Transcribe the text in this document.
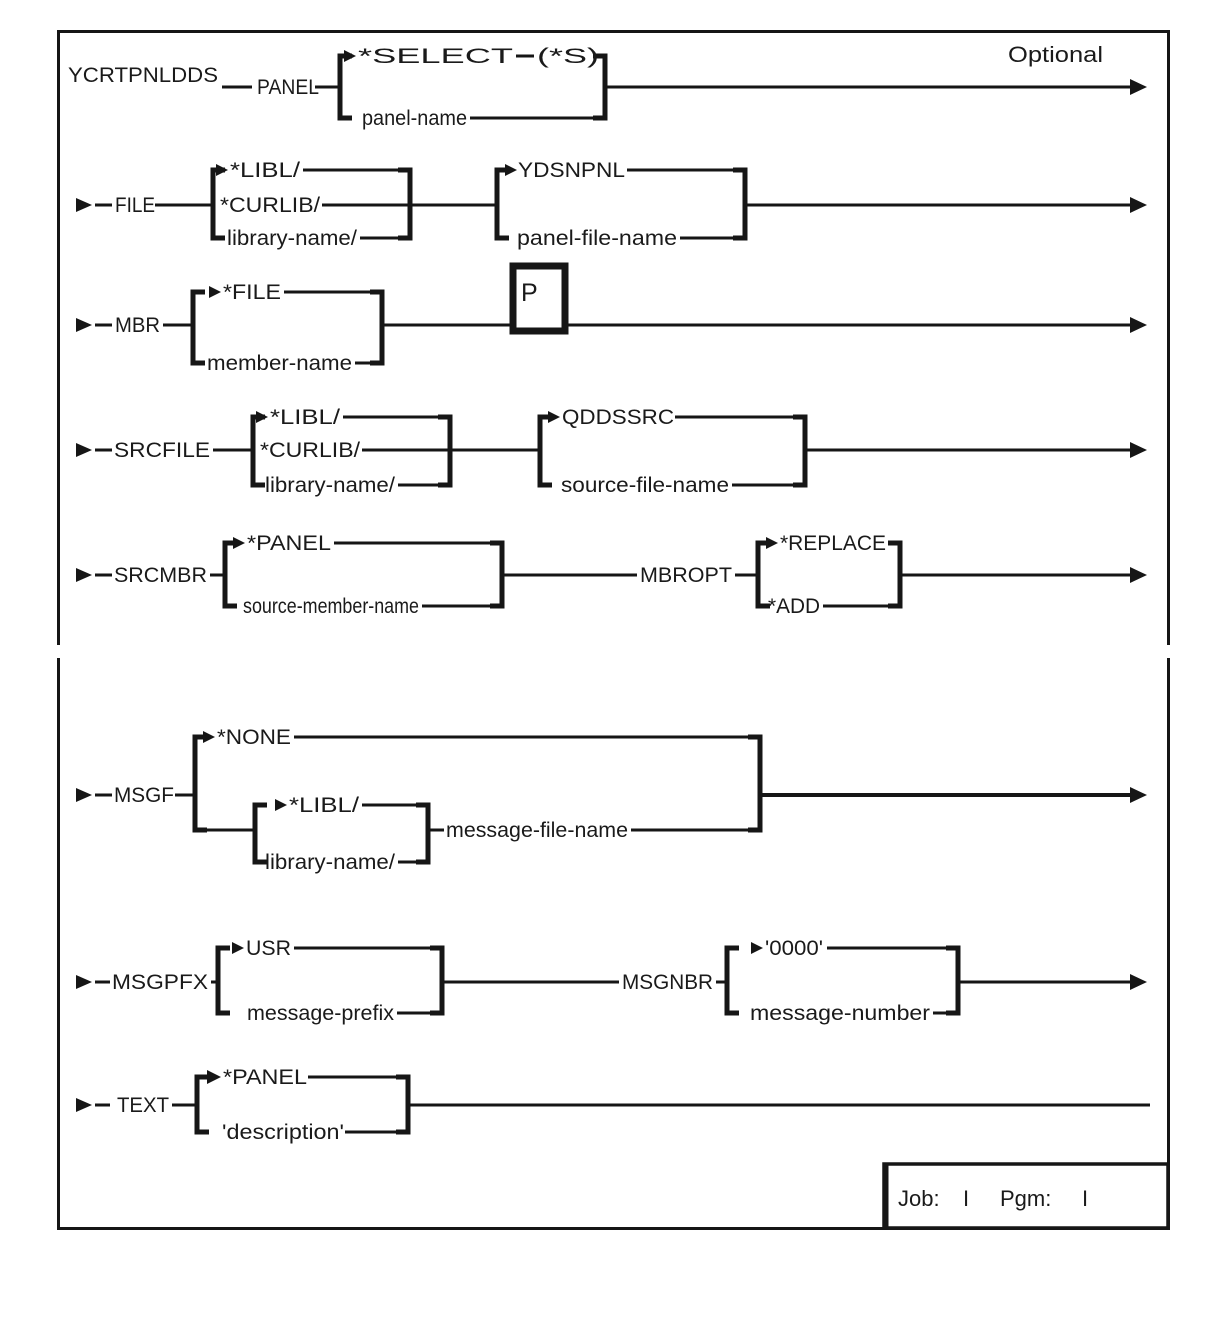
YCRTPNLDDS
PANEL
*SELECT (*S)
panel-name
Optional
FILE
*LIBL/
*CURLIB/
library-name/
YDSNPNL
panel-file-name
MBR
*FILE
member-name
P
SRCFILE
*LIBL/
*CURLIB/
library-name/
QDDSSRC
source-file-name
SRCMBR
*PANEL
source-member-name
MBROPT
*REPLACE
*ADD
MSGF
*NONE
*LIBL/
library-name/
message-file-name
MSGPFX
USR
message-prefix
MSGNBR
'0000'
message-number
TEXT
*PANEL
'description'
Job: I Pgm: I
